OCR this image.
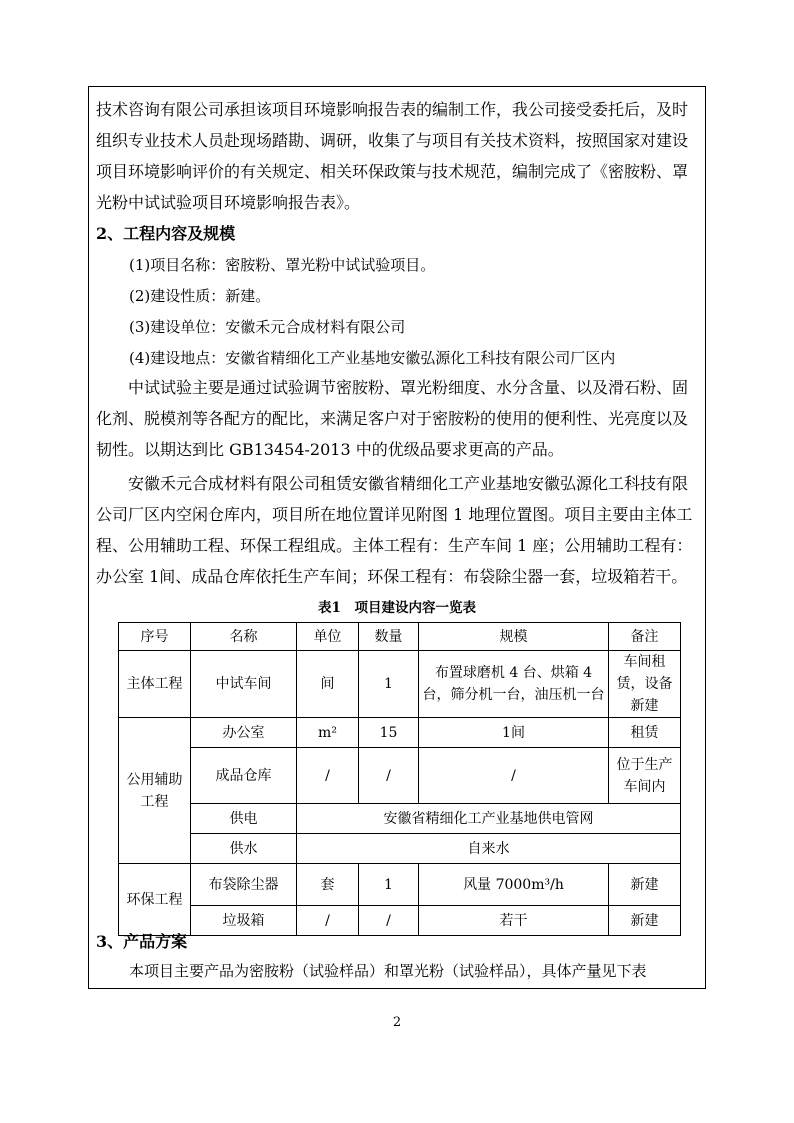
技术咨询有限公司承担该项目环境影响报告表的编制工作，我公司接受委托后，及时
组织专业技术人员赴现场踏勘、调研，收集了与项目有关技术资料，按照国家对建设
项目环境影响评价的有关规定、相关环保政策与技术规范，编制完成了《密胺粉、罩
光粉中试试验项目环境影响报告表》。

2、工程内容及规模

(1)项目名称：密胺粉、罩光粉中试试验项目。

(2)建设性质：新建。

(3)建设单位：安徽禾元合成材料有限公司

(4)建设地点：安徽省精细化工产业基地安徽弘源化工科技有限公司厂区内

中试试验主要是通过试验调节密胺粉、罩光粉细度、水分含量、以及滑石粉、固
化剂、脱模剂等各配方的配比，来满足客户对于密胺粉的使用的便利性、光亮度以及
韧性。以期达到比 GB13454-2013 中的优级品要求更高的产品。

安徽禾元合成材料有限公司租赁安徽省精细化工产业基地安徽弘源化工科技有限
公司厂区内空闲仓库内，项目所在地位置详见附图 1 地理位置图。项目主要由主体工
程、公用辅助工程、环保工程组成。主体工程有：生产车间 1 座；公用辅助工程有：
办公室 1间、成品仓库依托生产车间；环保工程有：布袋除尘器一套，垃圾箱若干。

表1　项目建设内容一览表

序号	名称	单位	数量	规模	备注
主体工程	中试车间	间	1	布置球磨机 4 台、烘箱 4 台，筛分机一台，油压机一台	车间租赁，设备新建
公用辅助工程	办公室	m²	15	1间	租赁
	成品仓库	/	/	/	位于生产车间内
	供电	安徽省精细化工产业基地供电管网			
	供水	自来水			
环保工程	布袋除尘器	套	1	风量 7000m³/h	新建
	垃圾箱	/	/	若干	新建
3、产品方案

本项目主要产品为密胺粉（试验样品）和罩光粉（试验样品），具体产量见下表

2
